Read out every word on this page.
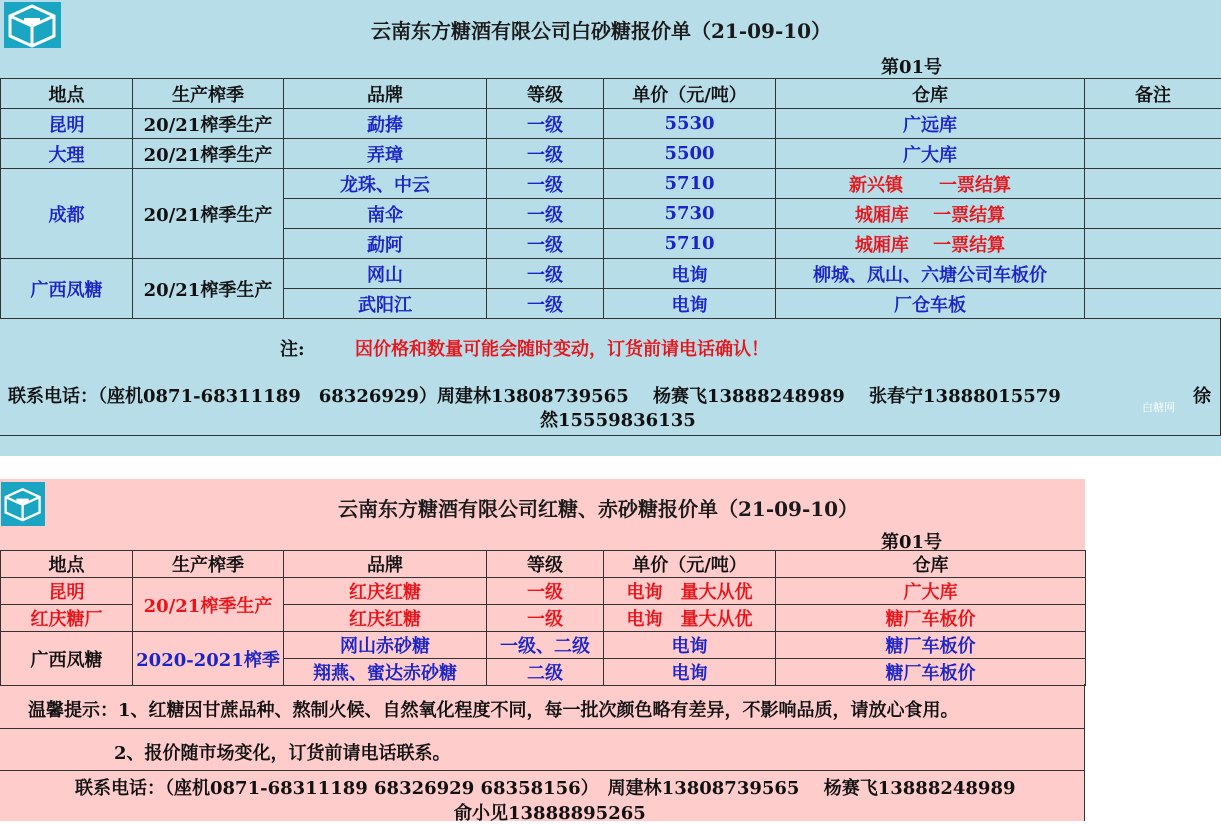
云南东方糖酒有限公司白砂糖报价单（21-09-10）
第01号
地点	生产榨季	品牌	等级	单价（元/吨）	仓库	备注
昆明	20/21榨季生产	勐捧	一级	5530	广远库	
大理	20/21榨季生产	弄璋	一级	5500	广大库	
成都	20/21榨季生产	龙珠、中云	一级	5710	新兴镇　　一票结算	
		南伞	一级	5730	城厢库　 一票结算	
		勐阿	一级	5710	城厢库　 一票结算	
广西凤糖	20/21榨季生产	网山	一级	电询	柳城、凤山、六塘公司车板价	
		武阳江	一级	电询	厂仓车板	
注:	因价格和数量可能会随时变动，订货前请电话确认！
联系电话：（座机0871-68311189　68326929）周建林13808739565　 杨赛飞13888248989　 张春宁13888015579	徐
然15559836135
白糖网
云南东方糖酒有限公司红糖、赤砂糖报价单（21-09-10）
第01号
地点	生产榨季	品牌	等级	单价（元/吨）	仓库
昆明	20/21榨季生产	红庆红糖	一级	电询　量大从优	广大库
红庆糖厂		红庆红糖	一级	电询　量大从优	糖厂车板价
广西凤糖	2020-2021榨季	网山赤砂糖	一级、二级	电询	糖厂车板价
		翔燕、蜜达赤砂糖	二级	电询	糖厂车板价
温馨提示：1、红糖因甘蔗品种、熬制火候、自然氧化程度不同，每一批次颜色略有差异，不影响品质，请放心食用。
2、报价随市场变化，订货前请电话联系。
联系电话：（座机0871-68311189 68326929 68358156）　周建林13808739565　 杨赛飞13888248989
俞小见13888895265
